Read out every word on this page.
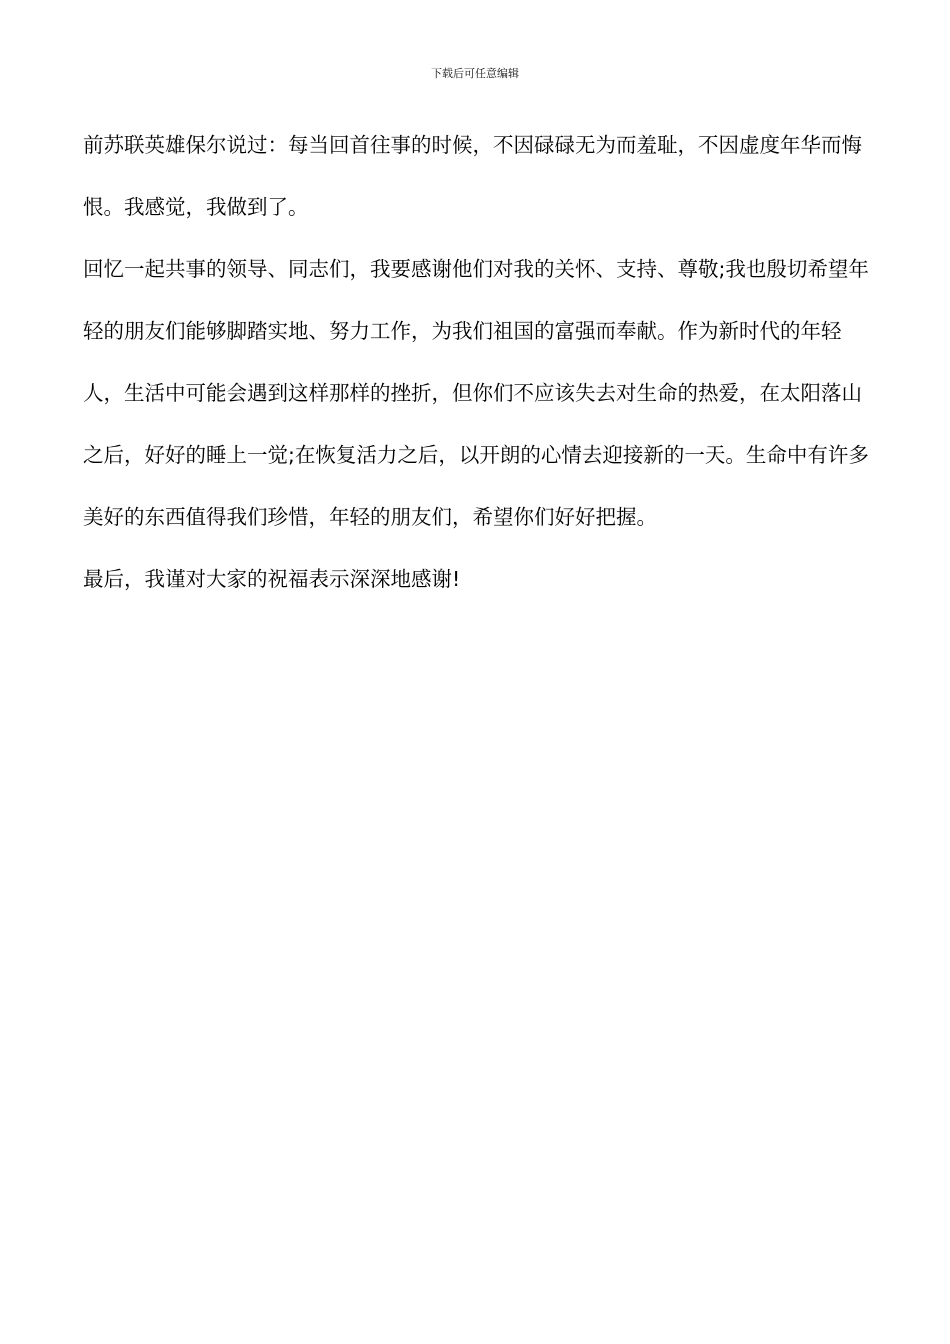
下载后可任意编辑

前苏联英雄保尔说过：每当回首往事的时候，不因碌碌无为而羞耻，不因虚度年华而悔恨。我感觉，我做到了。

回忆一起共事的领导、同志们，我要感谢他们对我的关怀、支持、尊敬;我也殷切希望年轻的朋友们能够脚踏实地、努力工作，为我们祖国的富强而奉献。作为新时代的年轻人，生活中可能会遇到这样那样的挫折，但你们不应该失去对生命的热爱，在太阳落山之后，好好的睡上一觉;在恢复活力之后，以开朗的心情去迎接新的一天。生命中有许多美好的东西值得我们珍惜，年轻的朋友们，希望你们好好把握。

最后，我谨对大家的祝福表示深深地感谢!
